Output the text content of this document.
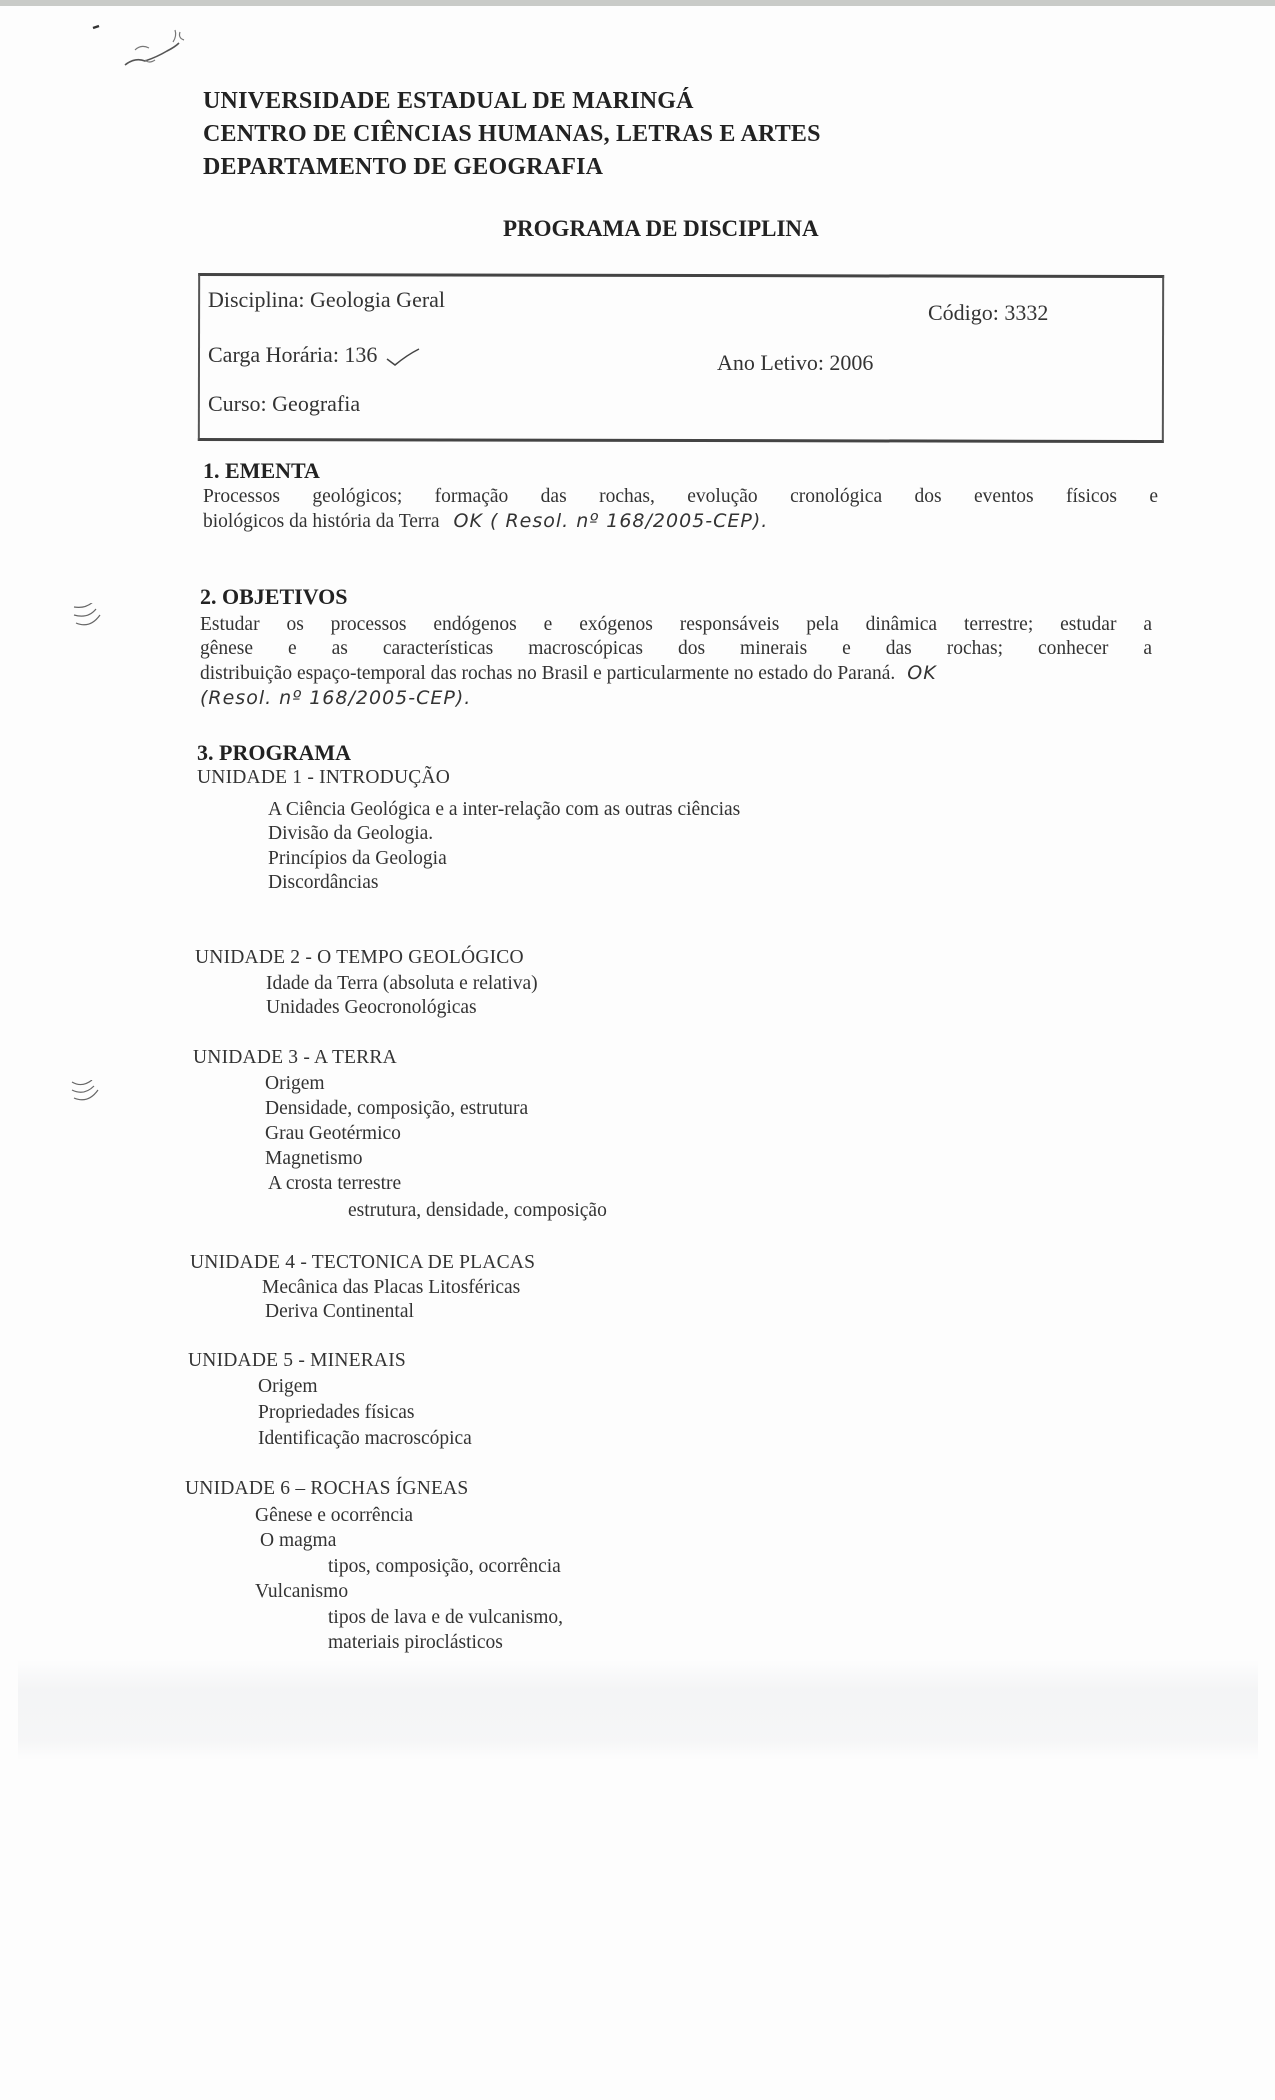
UNIVERSIDADE ESTADUAL DE MARINGÁ
CENTRO DE CIÊNCIAS HUMANAS, LETRAS E ARTES
DEPARTAMENTO DE GEOGRAFIA
PROGRAMA DE DISCIPLINA
Disciplina: Geologia Geral
Código: 3332
Carga Horária: 136	Ano Letivo: 2006
Curso: Geografia
1. EMENTA
Processos geológicos; formação das rochas, evolução cronológica dos eventos físicos e
biológicos da história da Terra OK ( Resol. nº 168/2005-CEP).
2. OBJETIVOS
Estudar os processos endógenos e exógenos responsáveis pela dinâmica terrestre; estudar a
gênese e as características macroscópicas dos minerais e das rochas; conhecer a
distribuição espaço-temporal das rochas no Brasil e particularmente no estado do Paraná. OK
(Resol. nº 168/2005-CEP).
3. PROGRAMA
UNIDADE 1 - INTRODUÇÃO
A Ciência Geológica e a inter-relação com as outras ciências
Divisão da Geologia.
Princípios da Geologia
Discordâncias
UNIDADE 2 - O TEMPO GEOLÓGICO
Idade da Terra (absoluta e relativa)
Unidades Geocronológicas
UNIDADE 3 - A TERRA
Origem
Densidade, composição, estrutura
Grau Geotérmico
Magnetismo
A crosta terrestre
estrutura, densidade, composição
UNIDADE 4 - TECTONICA DE PLACAS
Mecânica das Placas Litosféricas
Deriva Continental
UNIDADE 5 - MINERAIS
Origem
Propriedades físicas
Identificação macroscópica
UNIDADE 6 – ROCHAS ÍGNEAS
Gênese e ocorrência
O magma
tipos, composição, ocorrência
Vulcanismo
tipos de lava e de vulcanismo,
materiais piroclásticos
